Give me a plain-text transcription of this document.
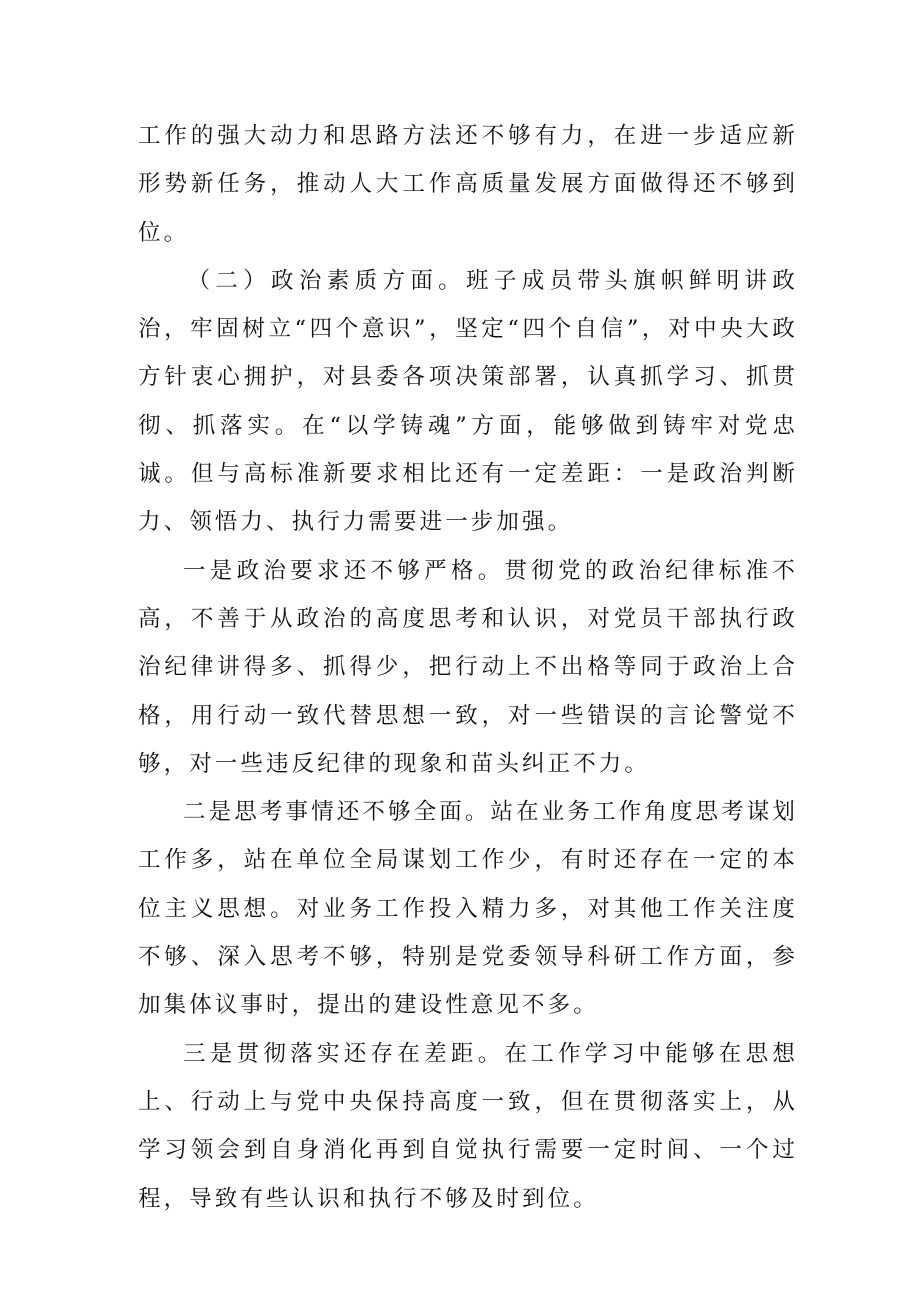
工作的强大动力和思路方法还不够有力，在进一步适应新形势新任务，推动人大工作高质量发展方面做得还不够到位。

（二）政治素质方面。班子成员带头旗帜鲜明讲政治，牢固树立“四个意识”，坚定“四个自信”，对中央大政方针衷心拥护，对县委各项决策部署，认真抓学习、抓贯彻、抓落实。在“以学铸魂”方面，能够做到铸牢对党忠诚。但与高标准新要求相比还有一定差距：一是政治判断力、领悟力、执行力需要进一步加强。

一是政治要求还不够严格。贯彻党的政治纪律标准不高，不善于从政治的高度思考和认识，对党员干部执行政治纪律讲得多、抓得少，把行动上不出格等同于政治上合格，用行动一致代替思想一致，对一些错误的言论警觉不够，对一些违反纪律的现象和苗头纠正不力。

二是思考事情还不够全面。站在业务工作角度思考谋划工作多，站在单位全局谋划工作少，有时还存在一定的本位主义思想。对业务工作投入精力多，对其他工作关注度不够、深入思考不够，特别是党委领导科研工作方面，参加集体议事时，提出的建设性意见不多。

三是贯彻落实还存在差距。在工作学习中能够在思想上、行动上与党中央保持高度一致，但在贯彻落实上，从学习领会到自身消化再到自觉执行需要一定时间、一个过程，导致有些认识和执行不够及时到位。
